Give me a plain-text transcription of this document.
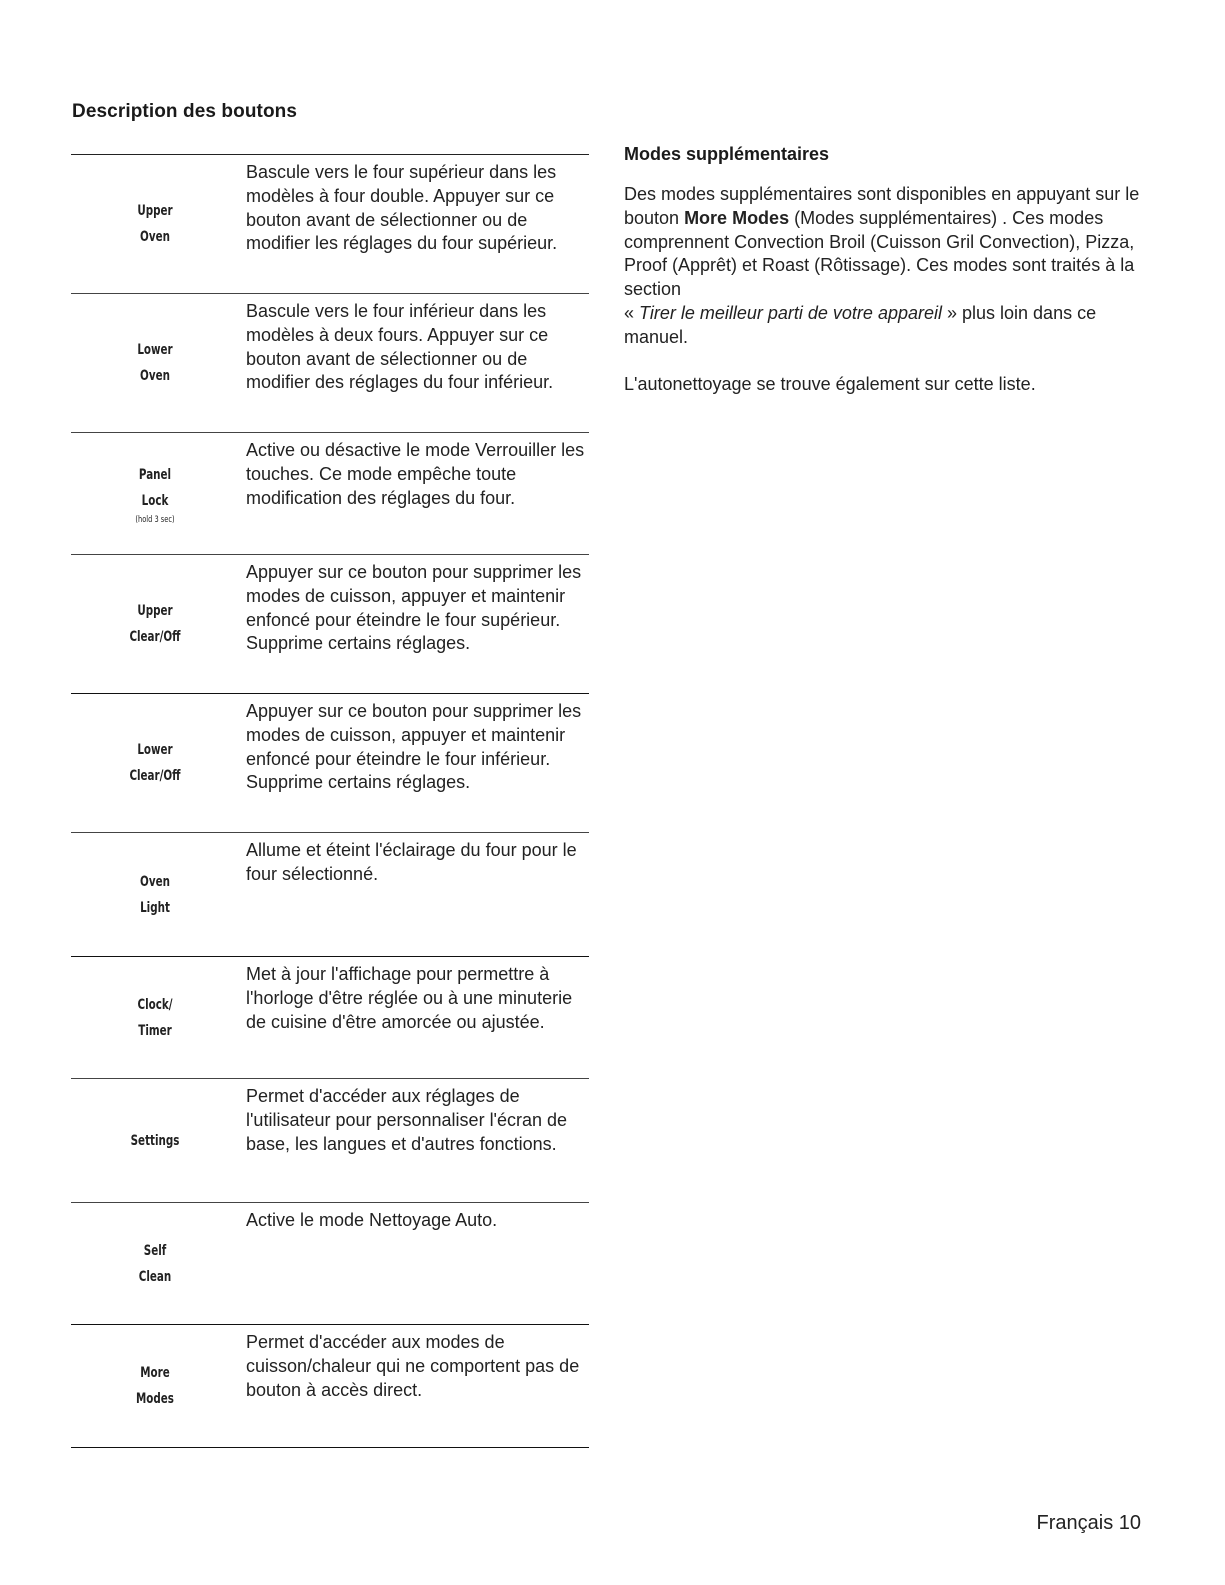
Description des boutons
Upper
Oven

Bascule vers le four supérieur dans les modèles à four double. Appuyer sur ce bouton avant de sélectionner ou de modifier les réglages du four supérieur.

Lower
Oven

Bascule vers le four inférieur dans les modèles à deux fours. Appuyer sur ce bouton avant de sélectionner ou de modifier des réglages du four inférieur.

Panel
Lock
(hold 3 sec)

Active ou désactive le mode Verrouiller les touches. Ce mode empêche toute modification des réglages du four.

Upper
Clear/Off

Appuyer sur ce bouton pour supprimer les modes de cuisson, appuyer et maintenir enfoncé pour éteindre le four supérieur. Supprime certains réglages.

Lower
Clear/Off

Appuyer sur ce bouton pour supprimer les modes de cuisson, appuyer et maintenir enfoncé pour éteindre le four inférieur. Supprime certains réglages.

Oven
Light

Allume et éteint l'éclairage du four pour le four sélectionné.

Clock/
Timer

Met à jour l'affichage pour permettre à l'horloge d'être réglée ou à une minuterie de cuisine d'être amorcée ou ajustée.

Settings

Permet d'accéder aux réglages de l'utilisateur pour personnaliser l'écran de base, les langues et d'autres fonctions.

Self
Clean

Active le mode Nettoyage Auto.

More
Modes

Permet d'accéder aux modes de cuisson/chaleur qui ne comportent pas de bouton à accès direct.

Modes supplémentaires

Des modes supplémentaires sont disponibles en appuyant sur le bouton More Modes (Modes supplémentaires) . Ces modes comprennent Convection Broil (Cuisson Gril Convection), Pizza, Proof (Apprêt) et Roast (Rôtissage). Ces modes sont traités à la section
« Tirer le meilleur parti de votre appareil » plus loin dans ce manuel.

L'autonettoyage se trouve également sur cette liste.

Français 10
